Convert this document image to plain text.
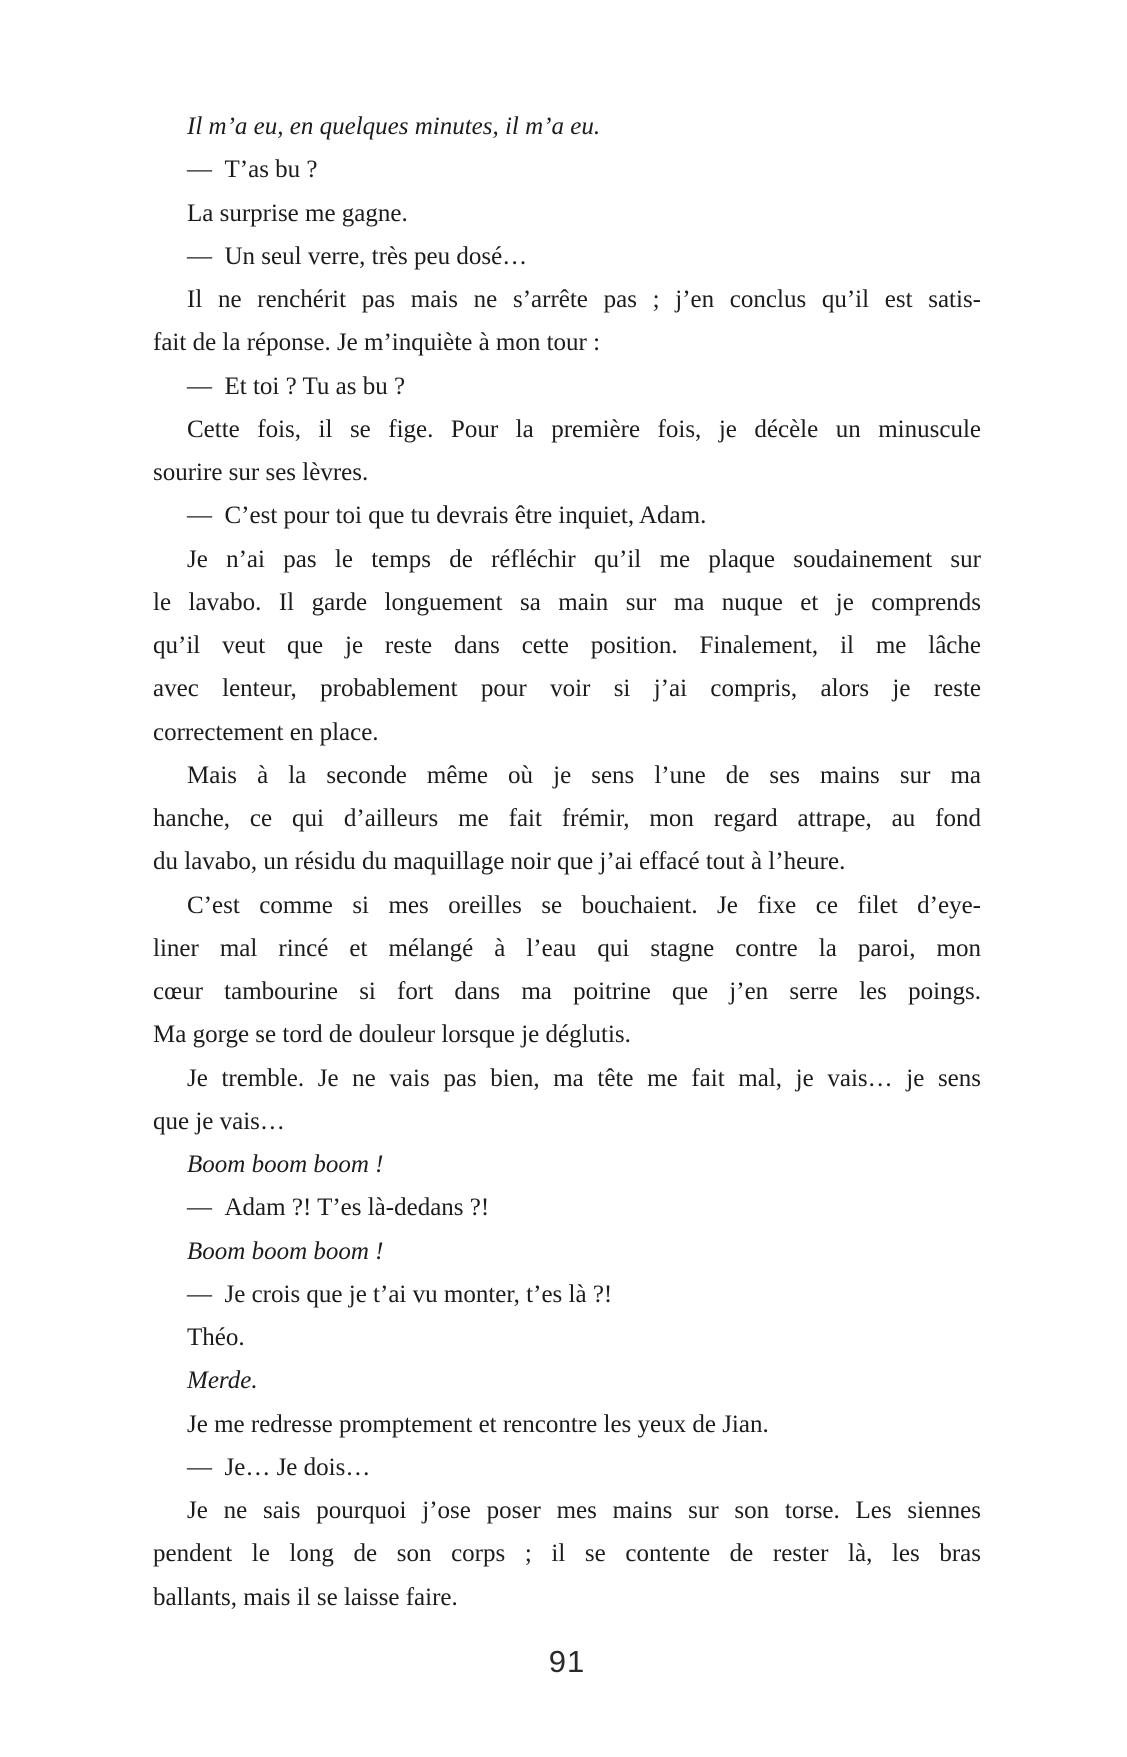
Il m’a eu, en quelques minutes, il m’a eu.
— T’as bu ?
La surprise me gagne.
— Un seul verre, très peu dosé…
Il ne renchérit pas mais ne s’arrête pas ; j’en conclus qu’il est satis-
fait de la réponse. Je m’inquiète à mon tour :
— Et toi ? Tu as bu ?
Cette fois, il se fige. Pour la première fois, je décèle un minuscule
sourire sur ses lèvres.
— C’est pour toi que tu devrais être inquiet, Adam.
Je n’ai pas le temps de réfléchir qu’il me plaque soudainement sur
le lavabo. Il garde longuement sa main sur ma nuque et je comprends
qu’il veut que je reste dans cette position. Finalement, il me lâche
avec lenteur, probablement pour voir si j’ai compris, alors je reste
correctement en place.
Mais à la seconde même où je sens l’une de ses mains sur ma
hanche, ce qui d’ailleurs me fait frémir, mon regard attrape, au fond
du lavabo, un résidu du maquillage noir que j’ai effacé tout à l’heure.
C’est comme si mes oreilles se bouchaient. Je fixe ce filet d’eye-
liner mal rincé et mélangé à l’eau qui stagne contre la paroi, mon
cœur tambourine si fort dans ma poitrine que j’en serre les poings.
Ma gorge se tord de douleur lorsque je déglutis.
Je tremble. Je ne vais pas bien, ma tête me fait mal, je vais… je sens
que je vais…
Boom boom boom !
— Adam ?! T’es là-dedans ?!
Boom boom boom !
— Je crois que je t’ai vu monter, t’es là ?!
Théo.
Merde.
Je me redresse promptement et rencontre les yeux de Jian.
— Je… Je dois…
Je ne sais pourquoi j’ose poser mes mains sur son torse. Les siennes
pendent le long de son corps ; il se contente de rester là, les bras
ballants, mais il se laisse faire.
91
